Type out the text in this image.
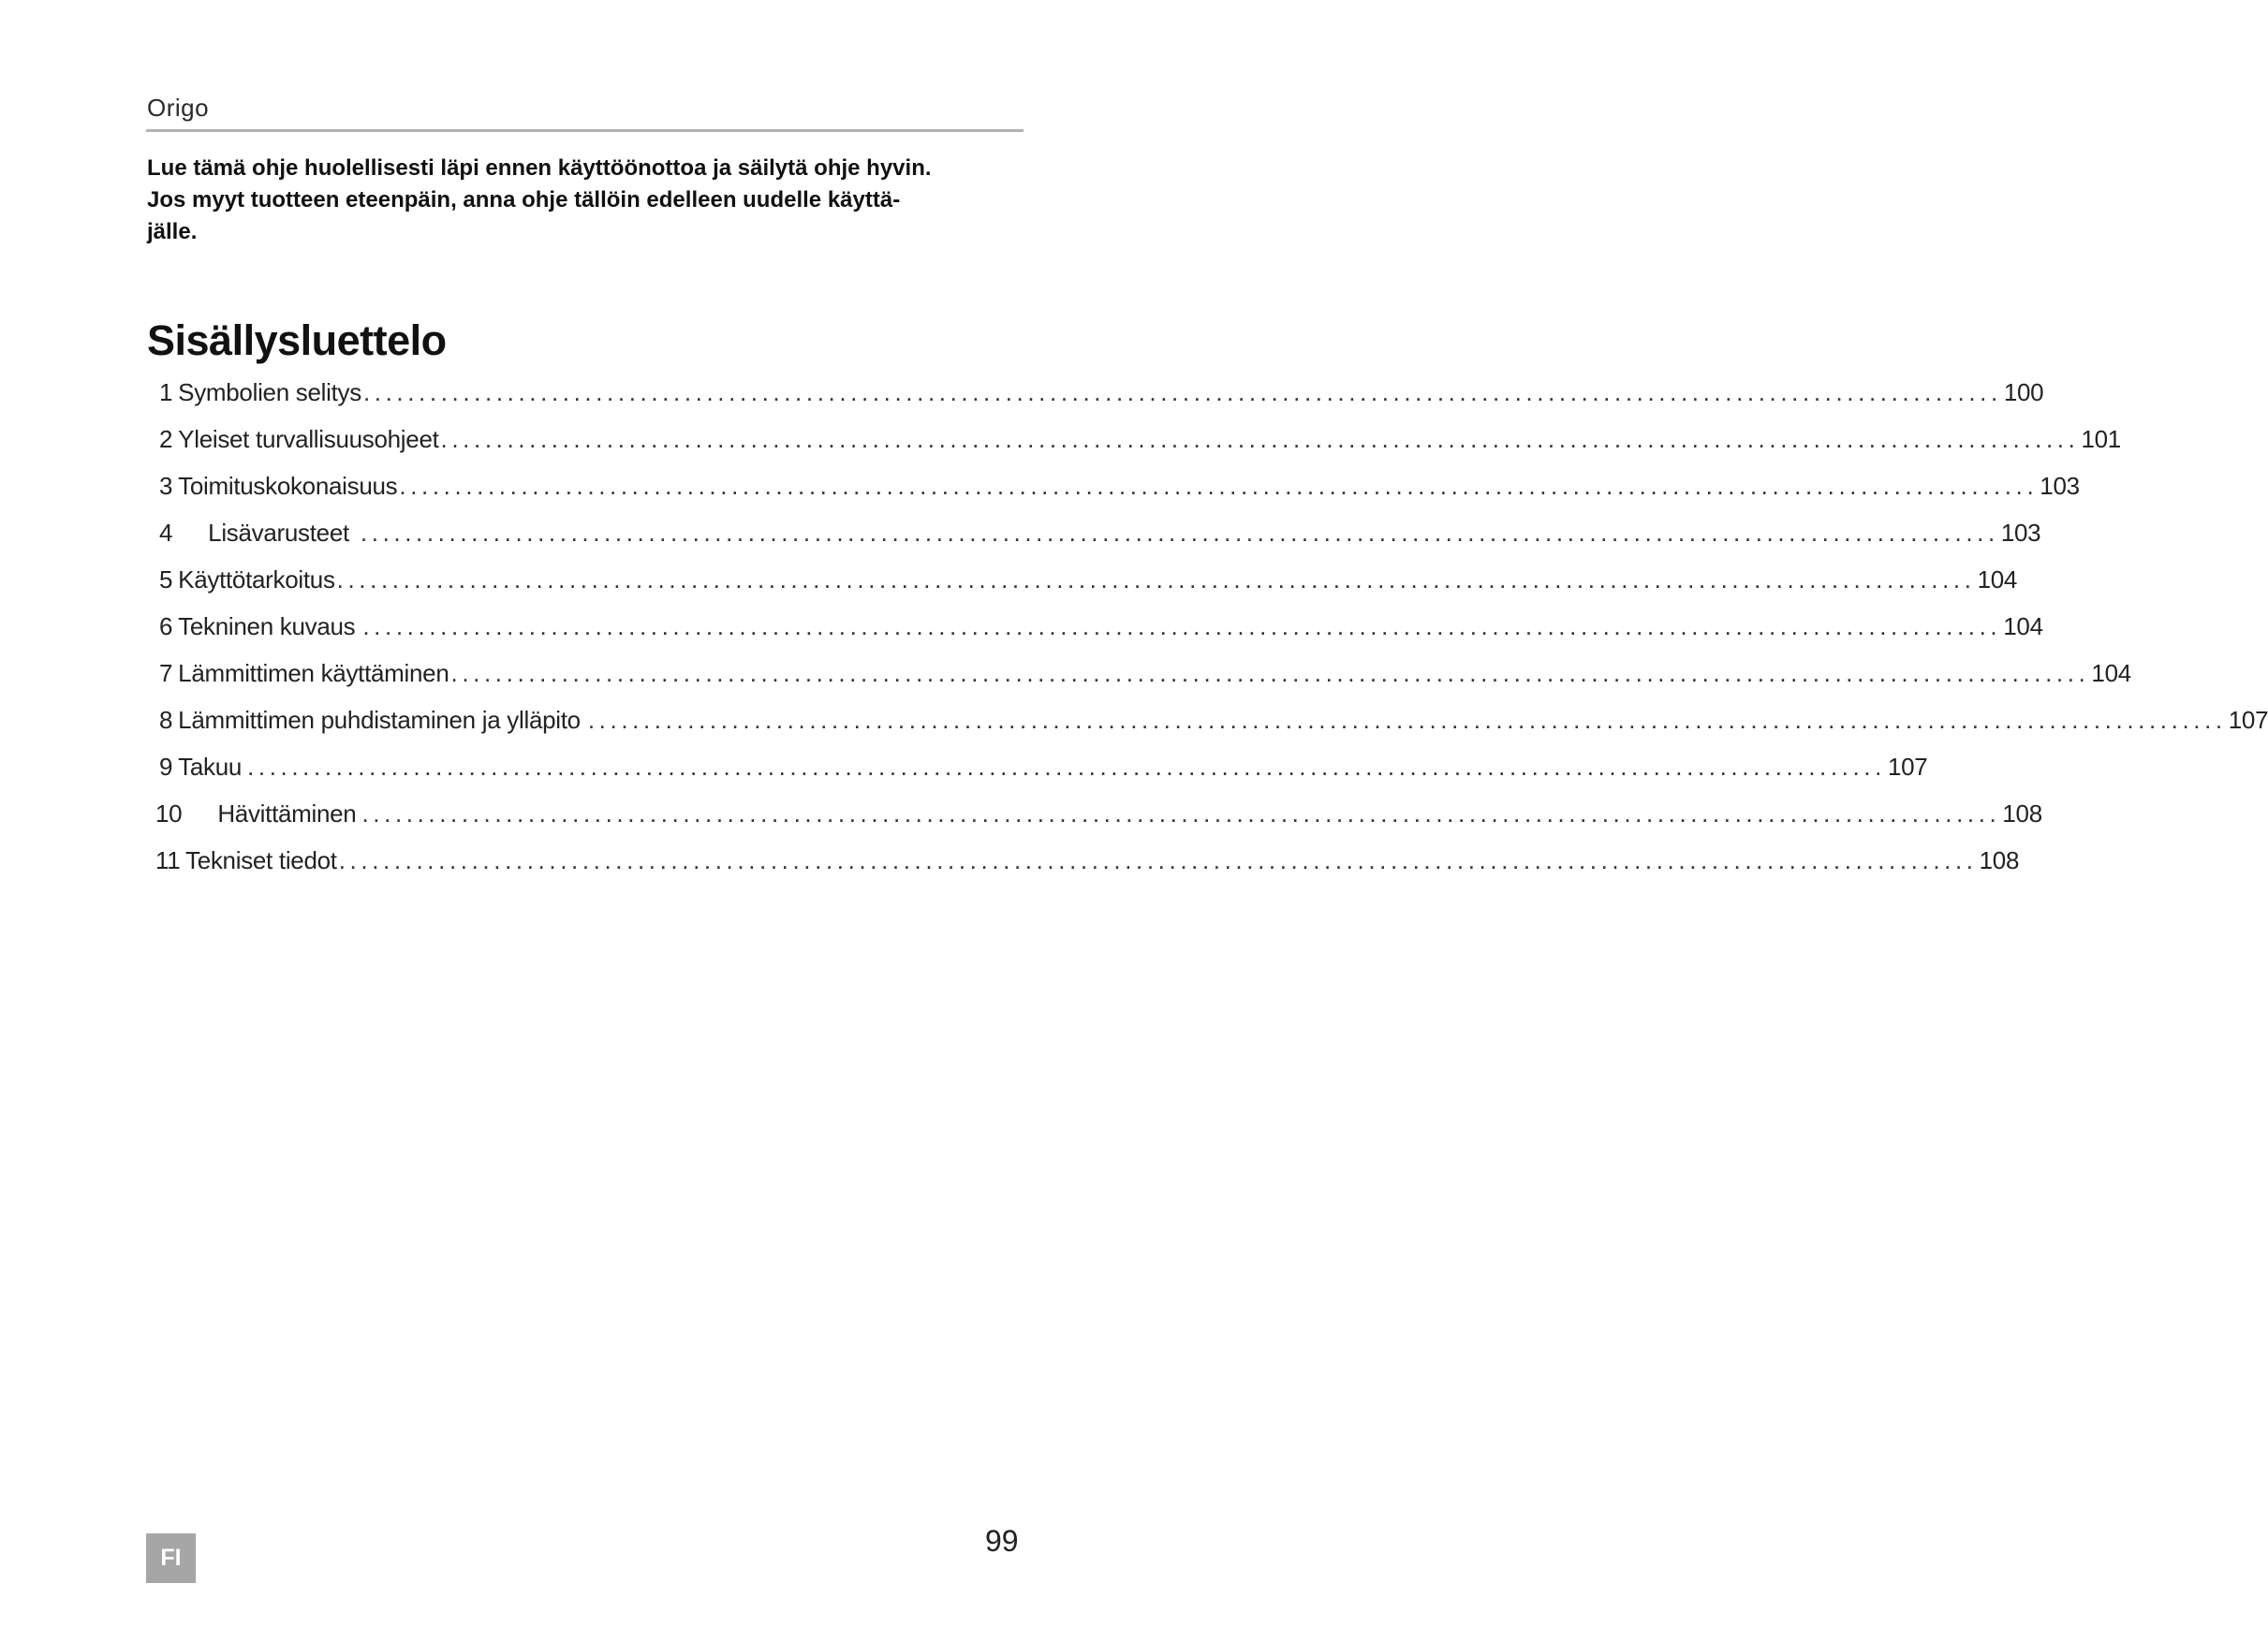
Origo
Lue tämä ohje huolellisesti läpi ennen käyttöönottoa ja säilytä ohje hyvin.
Jos myyt tuotteen eteenpäin, anna ohje tällöin edelleen uudelle käyttä-
jälle.
Sisällysluettelo
1 Symbolien selitys .................................................................................................................................................... 100
2 Yleiset turvallisuusohjeet .................................................................................................................................................... 101
3 Toimituskokonaisuus .................................................................................................................................................... 103
4 Lisävarusteet .................................................................................................................................................... 103
5 Käyttötarkoitus .................................................................................................................................................... 104
6 Tekninen kuvaus .................................................................................................................................................... 104
7 Lämmittimen käyttäminen .................................................................................................................................................... 104
8 Lämmittimen puhdistaminen ja ylläpito .................................................................................................................................................... 107
9 Takuu .................................................................................................................................................... 107
10 Hävittäminen .................................................................................................................................................... 108
11 Tekniset tiedot .................................................................................................................................................... 108
FI	99
